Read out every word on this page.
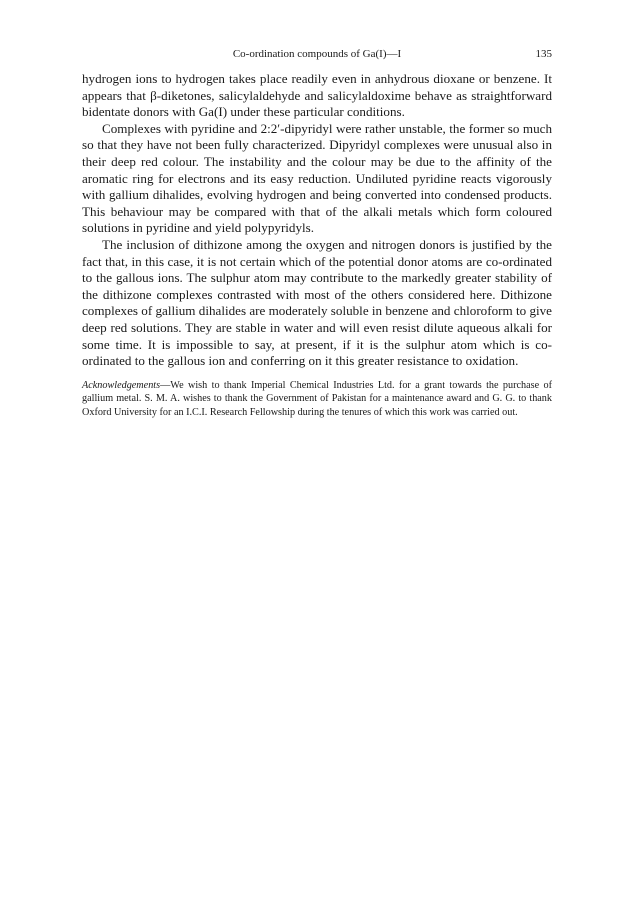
Co-ordination compounds of Ga(I)—I	135

hydrogen ions to hydrogen takes place readily even in anhydrous dioxane or benzene. It appears that β-diketones, salicylaldehyde and salicylaldoxime behave as straightforward bidentate donors with Ga(I) under these particular conditions.

Complexes with pyridine and 2:2′-dipyridyl were rather unstable, the former so much so that they have not been fully characterized. Dipyridyl complexes were unusual also in their deep red colour. The instability and the colour may be due to the affinity of the aromatic ring for electrons and its easy reduction. Undiluted pyridine reacts vigorously with gallium dihalides, evolving hydrogen and being converted into condensed products. This behaviour may be compared with that of the alkali metals which form coloured solutions in pyridine and yield polypyridyls.

The inclusion of dithizone among the oxygen and nitrogen donors is justified by the fact that, in this case, it is not certain which of the potential donor atoms are co-ordinated to the gallous ions. The sulphur atom may contribute to the markedly greater stability of the dithizone complexes contrasted with most of the others considered here. Dithizone complexes of gallium dihalides are moderately soluble in benzene and chloroform to give deep red solutions. They are stable in water and will even resist dilute aqueous alkali for some time. It is impossible to say, at present, if it is the sulphur atom which is co-ordinated to the gallous ion and conferring on it this greater resistance to oxidation.

Acknowledgements—We wish to thank Imperial Chemical Industries Ltd. for a grant towards the purchase of gallium metal. S. M. A. wishes to thank the Government of Pakistan for a maintenance award and G. G. to thank Oxford University for an I.C.I. Research Fellowship during the tenures of which this work was carried out.
